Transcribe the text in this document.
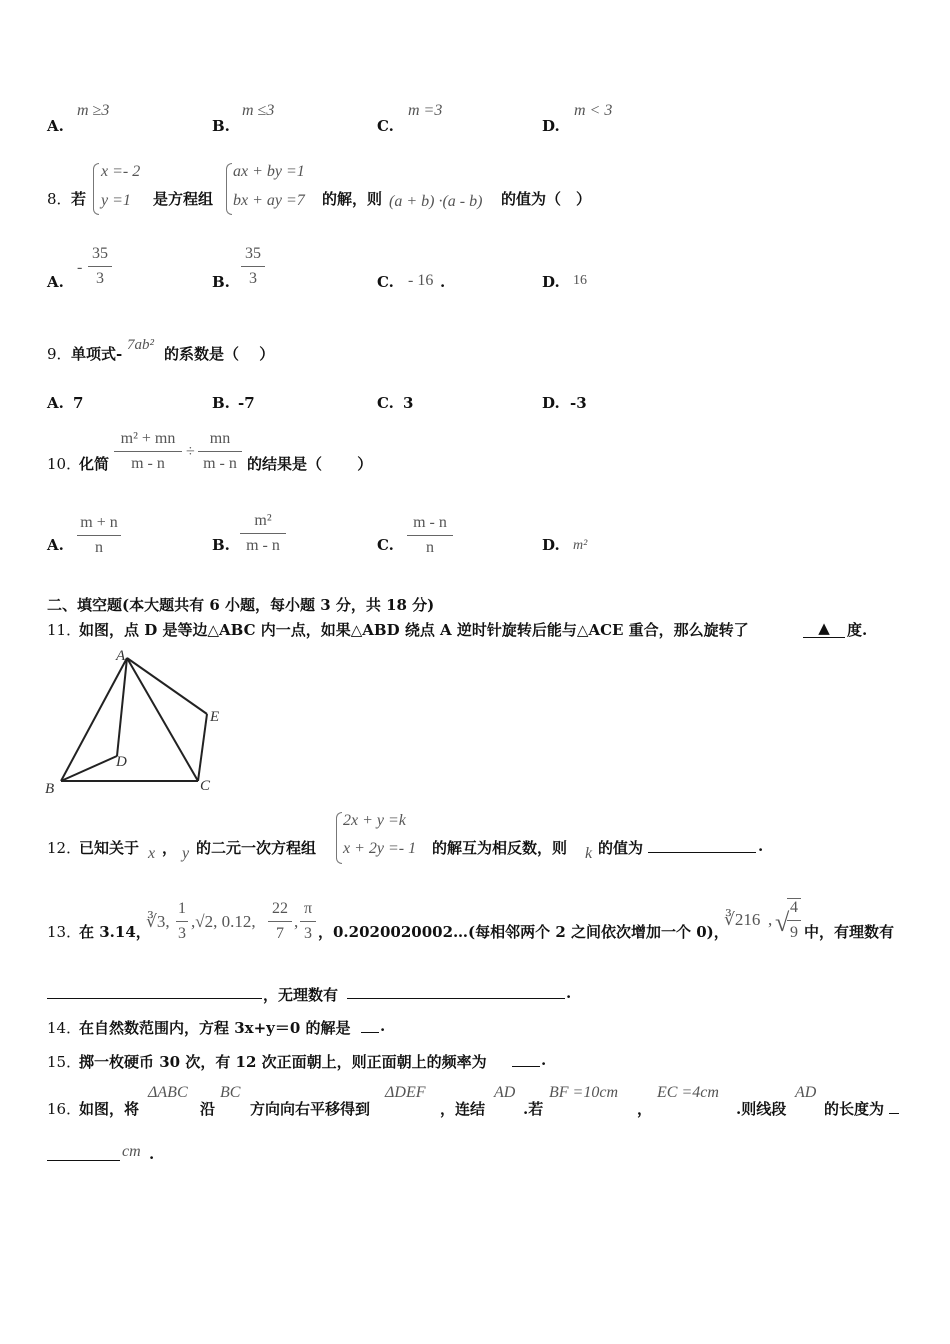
A.
m ≥3
B.
m ≤3
C.
m =3
D.
m < 3
8． 若
x =- 2
y =1 是方程组
ax + by =1
bx + ay =7 的解，则 (a + b) ·(a - b) 的值为（　）
A.
-
35
3	B.
35
3	C. - 16 .	D. 16
9． 单项式- 7ab² 的系数是（　 ）
A. 7	B. -7	C. 3	D. -3
10．
化简
m² + mn
m - n
÷
mn
m - n 的结果是（　　 ）
A.
m + n
n	B.
m²
m - n	C.
m - n
n	D. m²
二、填空题(本大题共有 6 小题，每小题 3 分，共 18 分)
11．
如图，点 D 是等边△ABC 内一点，如果△ABD 绕点 A 逆时针旋转后能与△ACE 重合，那么旋转了	▲	度.
A
B	C
D
E
12．
已知关于 x ， y 的二元一次方程组
2x + y =k
x + 2y =- 1 的解互为相反数，则 k 的值为	.
13．
在 3.14，
∛3,
1
3
,√2, 0.12,
22
7
,
π
3 ，0.2020020002…(每相邻两个 2 之间依次增加一个 0)，
∛216 , √
4
9 中，有理数有
，无理数有	.
14．
在自然数范围内，方程 3x+y＝0 的解是 .
15．
掷一枚硬币 30 次，有 12 次正面朝上，则正面朝上的频率为	.
16．
如图，将
ΔABC
沿
BC
方向向右平移得到
ΔDEF
，连结
AD
.若
BF =10cm
，
EC =4cm
.则线段
AD
的长度为
cm .
